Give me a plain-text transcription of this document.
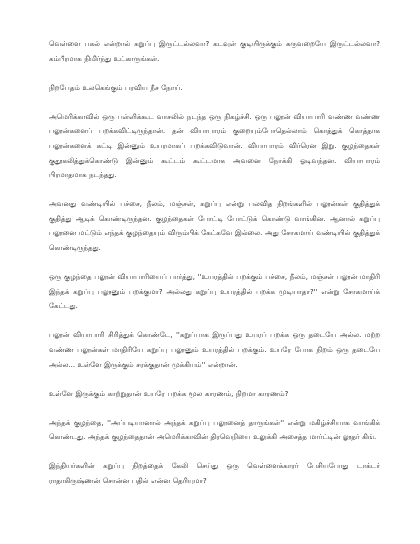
வெள்ளை பகல் என்றால் கறுப்பு இருட்டல்லவா? கடவுள் குடியிருக்கும் கருவறையே இருட்டல்லவா? கம்பீரமாக நிமிர்ந்து உட்காருங்கள்.

நிறபேதம் உலகெங்கும் பரவிய நீச நோய்.

அமெரிக்காவில் ஒரு பள்ளிக்கூட வாசலில் நடந்த ஒரு நிகழ்ச்சி. ஒரு பலூன் வியாபாரி வண்ண வண்ண பலூன்களைப் பறக்கவிட்டிருந்தான். தன் வியாபாரம் குறையும்போதெல்லாம் கொத்துக் கொத்தாக பலூன்களைக் கட்டி இன்னும் உயரமாகப் பறக்கவிடுவான். வியாபாரம் விர்ரென இறு. குழந்தைகள் குதூகலித்துக்கொண்டு இன்னும் கூட்டம் கூட்டமாக அவனை நோக்கி ஓடிவந்தன. வியாபாரம் பிரமாதமாக நடந்தது.

அவனது வண்டியில் பச்சை, நீலம், மஞ்சள், கறுப்பு என்று பலவித நிறங்களில் பலூன்கள் குதித்துக் குதித்து ஆடிக் கொண்டிருந்தன. குழந்தைகள் போட்டி போட்டுக் கொண்டு வாங்கின. ஆனால் கறுப்பு பலூனை மட்டும் எந்தக் குழந்தையும் விரும்பிக் கேட்கவே இல்லை. அது சோகமாய் வண்டியில் குதித்துக் கொண்டிருந்தது.

ஒரு குழந்தை பலூன் வியாபாரியைப் பார்த்து, ''உயரத்தில் பறக்கும் பச்சை, நீலம், மஞ்சள் பலூன் மாதிரி இந்தக் கறுப்பு பலூனும் பறக்குமா? அல்லது கறுப்பு உயரத்தில் பறக்க முடியாதா?'' என்று சோகமாய்க் கேட்டது.

பலூன் வியாபாரி சிரித்துக் கொண்டே, ''கறுப்பாக இருப்பது உயரப் பறக்க ஒரு தடையே அல்ல. மற்ற வண்ண பலூன்கள் மாதிரியே கறுப்பு பலூனும் உயரத்தில் பறக்கும். உயரே போக நிறம் ஒரு தடையே அல்ல... உள்ளே இருக்கும் சரக்குதான் முக்கியம்'' என்றான்.

உள்ளே இருக்கும் காற்றுதான் உயரே பறக்க மூல காரணம், நிறமா காரணம்?

அந்தக் குழந்தை, ''அப்படியானால் அந்தக் கறுப்பு பலூனைத் தாருங்கள்'' என்று மகிழ்ச்சியாக வாங்கிக் கொண்டது. அந்தக் குழந்தைதான் அமெரிக்காவின் திரவெறியை உலுக்கி அசைத்த மார்ட்டின் லூதர் கிங்.

இந்தியர்களின் கறுப்பு நிறத்தைக் கேலி செய்து ஒரு வெள்ளைக்காரர் பேசியபோது டாக்டர் ராதாகிருஷ்ணன் சொன்ன பதில் என்ன தெரியுமா?
